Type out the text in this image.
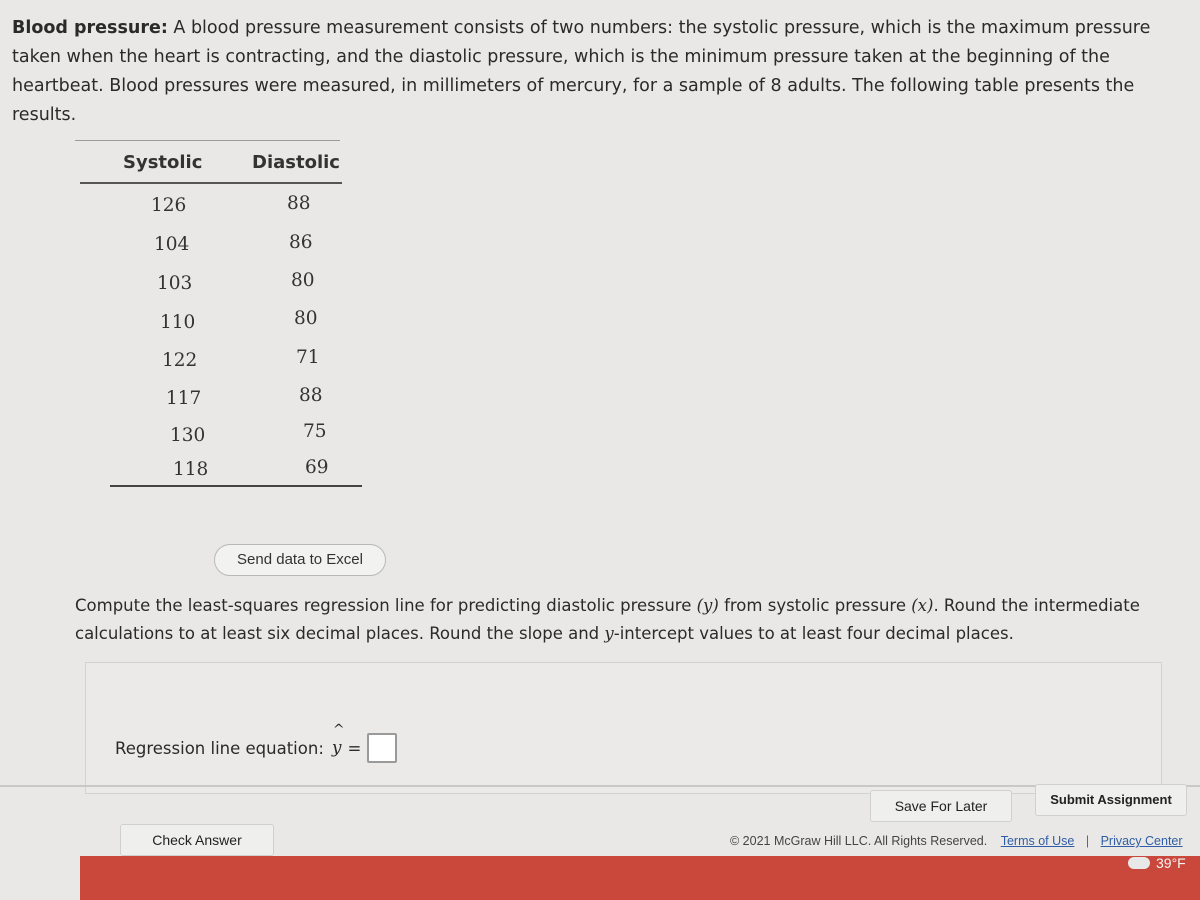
Blood pressure: A blood pressure measurement consists of two numbers: the systolic pressure, which is the maximum pressure taken when the heart is contracting, and the diastolic pressure, which is the minimum pressure taken at the beginning of the heartbeat. Blood pressures were measured, in millimeters of mercury, for a sample of 8 adults. The following table presents the results.
Systolic	Diastolic
126	88
104	86
103	80
110	80
122	71
117	88
130	75
118	69
Send data to Excel
Compute the least-squares regression line for predicting diastolic pressure (y) from systolic pressure (x). Round the intermediate calculations to at least six decimal places. Round the slope and y-intercept values to at least four decimal places.
Regression line equation:
^
y =
Check Answer
Save For Later	Submit Assignment
© 2021 McGraw Hill LLC. All Rights Reserved. Terms of Use | Privacy Center
39°F
